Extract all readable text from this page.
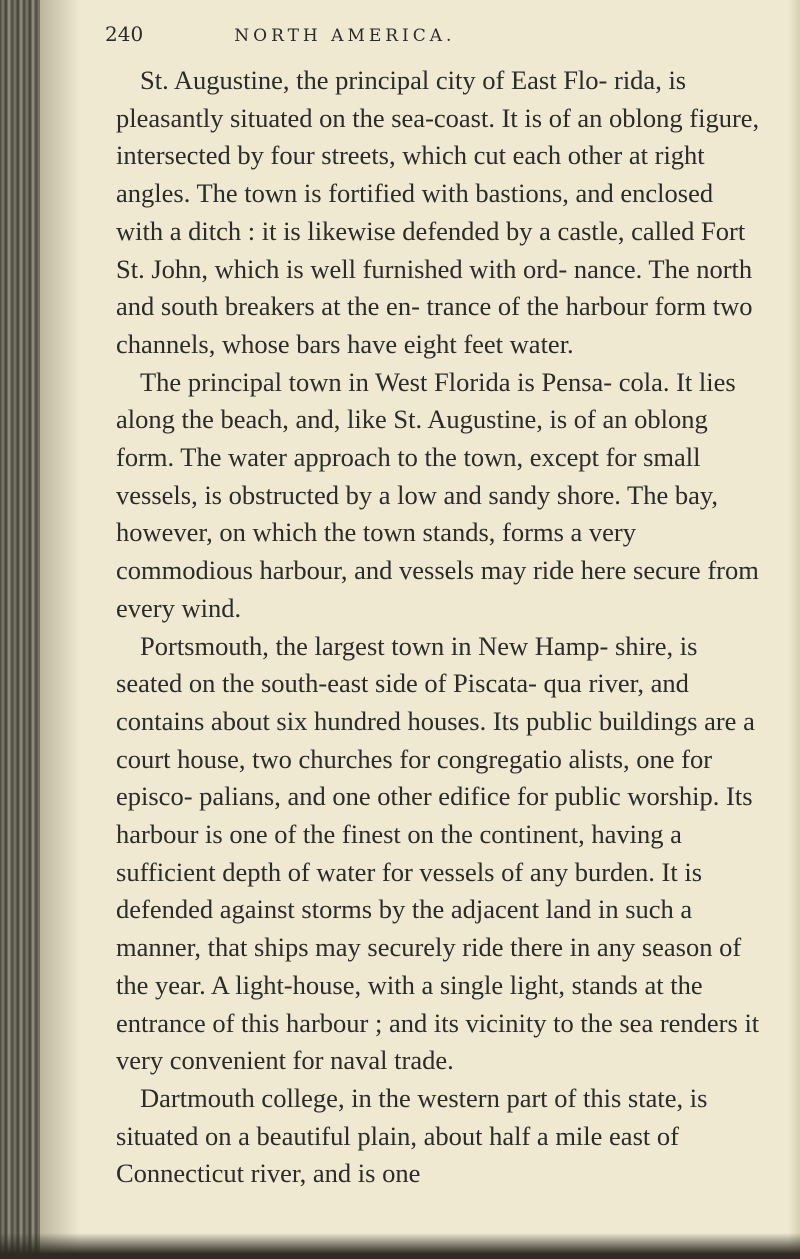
240	NORTH AMERICA.

St. Augustine, the principal city of East Flo- rida, is pleasantly situated on the sea-coast. It is of an oblong figure, intersected by four streets, which cut each other at right angles. The town is fortified with bastions, and enclosed with a ditch : it is likewise defended by a castle, called Fort St. John, which is well furnished with ord- nance. The north and south breakers at the en- trance of the harbour form two channels, whose bars have eight feet water.

The principal town in West Florida is Pensa- cola. It lies along the beach, and, like St. Augustine, is of an oblong form. The water approach to the town, except for small vessels, is obstructed by a low and sandy shore. The bay, however, on which the town stands, forms a very commodious harbour, and vessels may ride here secure from every wind.

Portsmouth, the largest town in New Hamp- shire, is seated on the south-east side of Piscata- qua river, and contains about six hundred houses. Its public buildings are a court house, two churches for congregatio alists, one for episco- palians, and one other edifice for public worship. Its harbour is one of the finest on the continent, having a sufficient depth of water for vessels of any burden. It is defended against storms by the adjacent land in such a manner, that ships may securely ride there in any season of the year. A light-house, with a single light, stands at the entrance of this harbour ; and its vicinity to the sea renders it very convenient for naval trade.

Dartmouth college, in the western part of this state, is situated on a beautiful plain, about half a mile east of Connecticut river, and is one
